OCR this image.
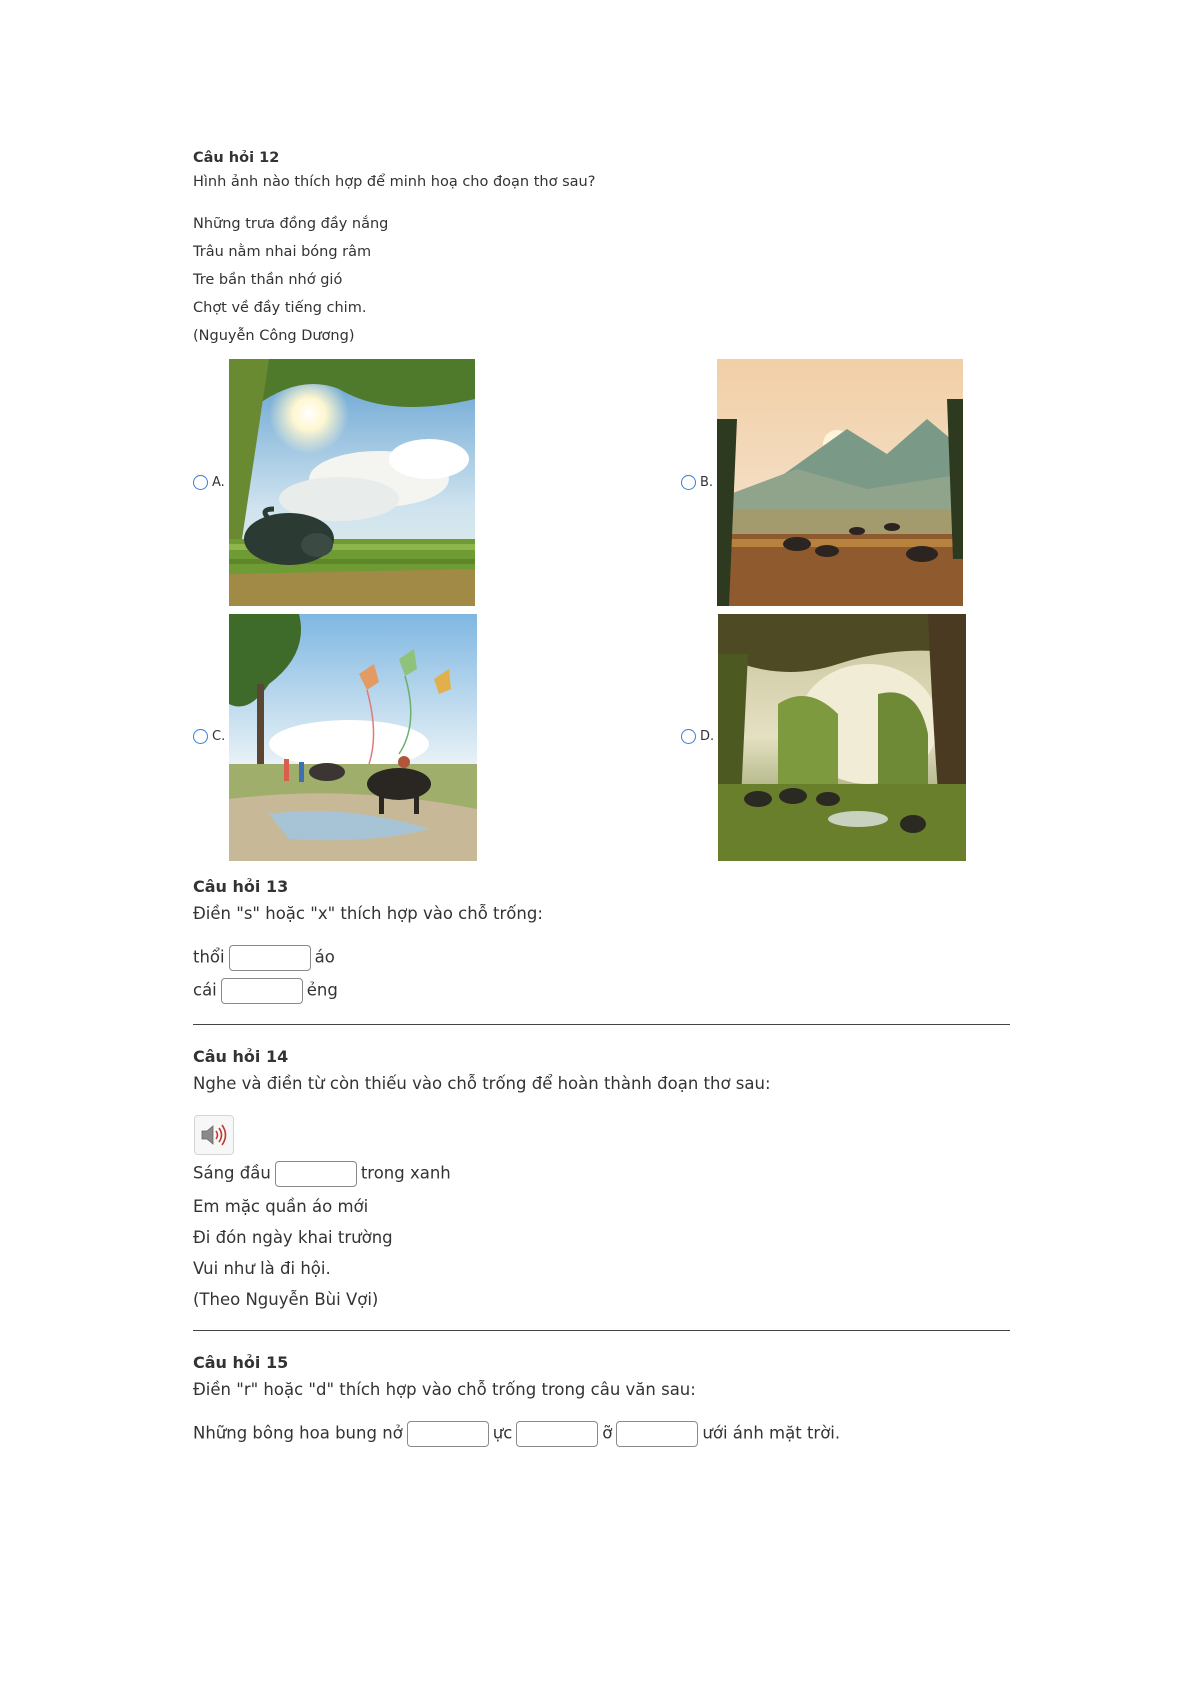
Câu hỏi 12
Hình ảnh nào thích hợp để minh hoạ cho đoạn thơ sau?
Những trưa đồng đầy nắng
Trâu nằm nhai bóng râm
Tre bần thần nhớ gió
Chợt về đầy tiếng chim.
(Nguyễn Công Dương)
A.	B.
C.	D.
Câu hỏi 13
Điền "s" hoặc "x" thích hợp vào chỗ trống:
thổi	áo
cái	ẻng
Câu hỏi 14
Nghe và điền từ còn thiếu vào chỗ trống để hoàn thành đoạn thơ sau:
Sáng đầu	trong xanh
Em mặc quần áo mới
Đi đón ngày khai trường
Vui như là đi hội.
(Theo Nguyễn Bùi Vợi)
Câu hỏi 15
Điền "r" hoặc "d" thích hợp vào chỗ trống trong câu văn sau:
Những bông hoa bung nở	ực	ỡ	ưới ánh mặt trời.
